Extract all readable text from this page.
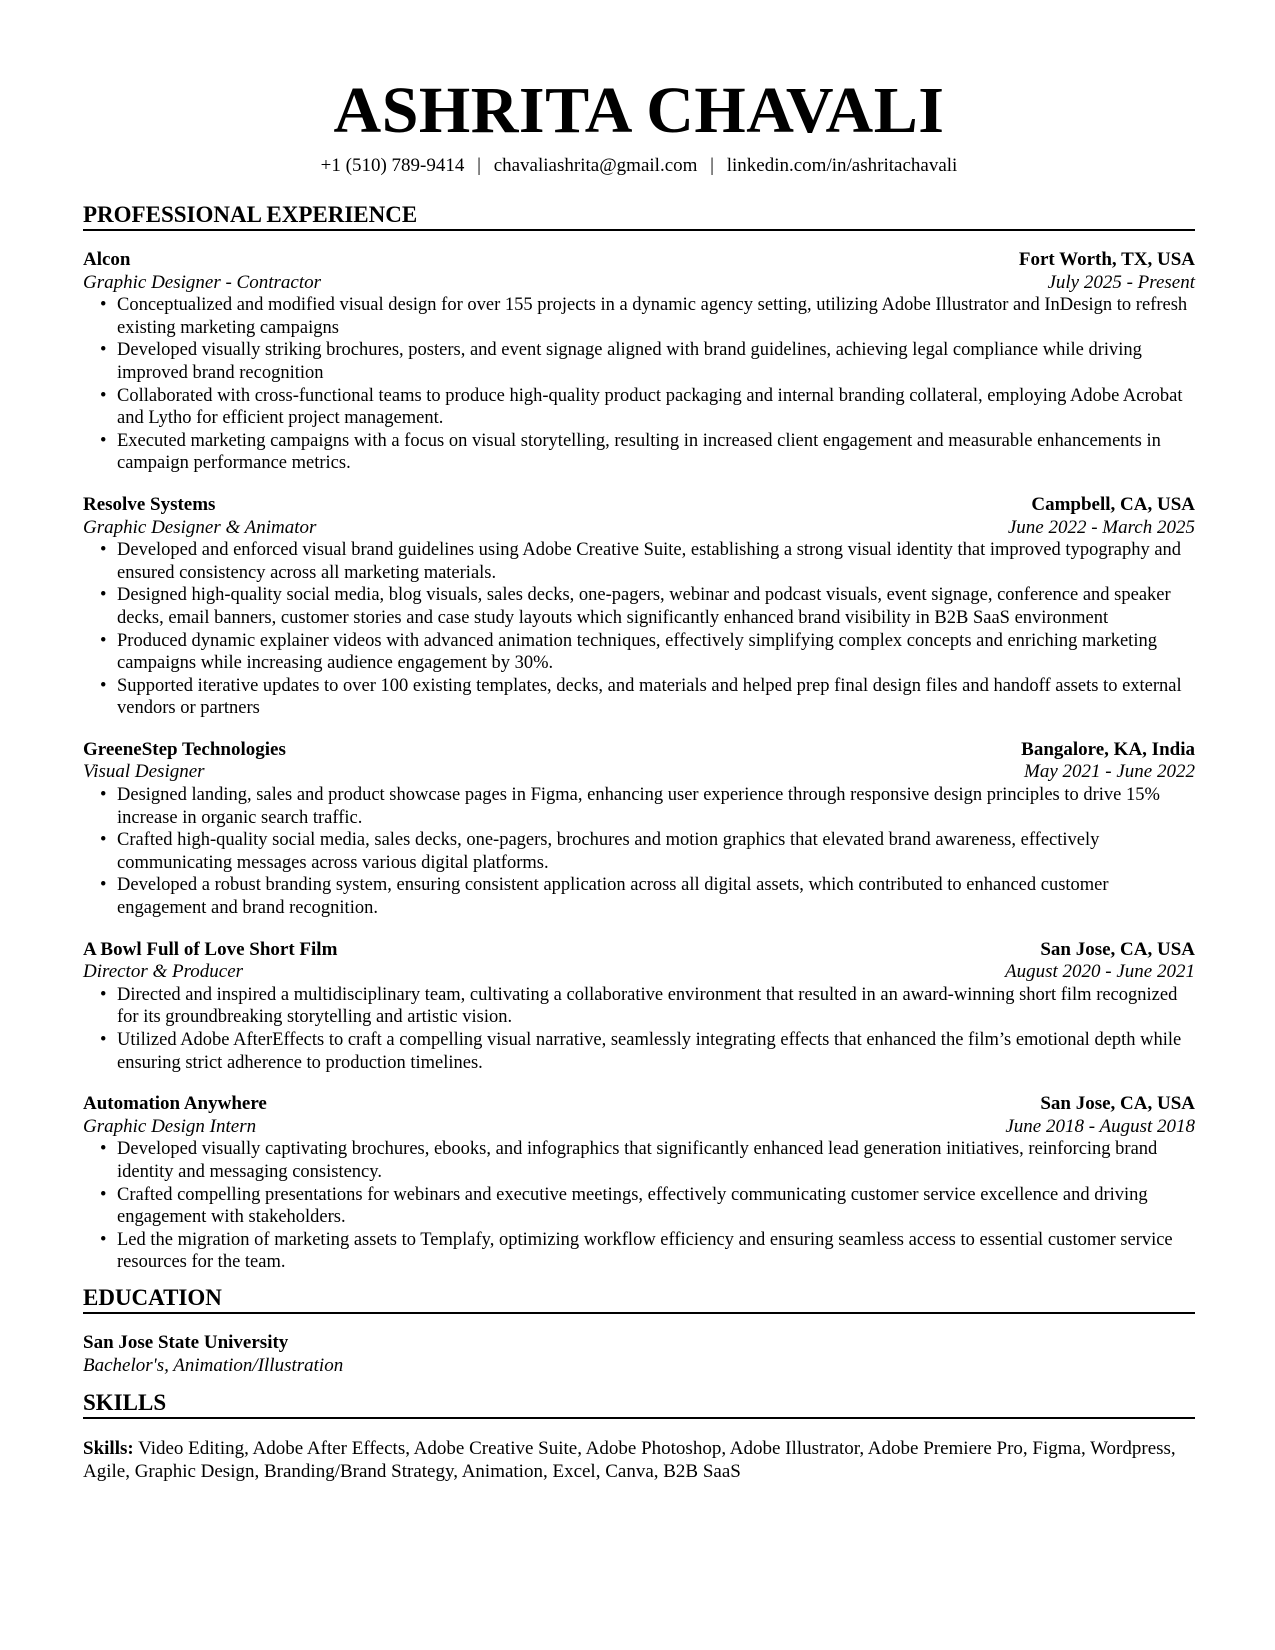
ASHRITA CHAVALI
+1 (510) 789-9414 | chavaliashrita@gmail.com | linkedin.com/in/ashritachavali
PROFESSIONAL EXPERIENCE
Alcon	Fort Worth, TX, USA
Graphic Designer - Contractor	July 2025 - Present
• Conceptualized and modified visual design for over 155 projects in a dynamic agency setting, utilizing Adobe Illustrator and InDesign to refresh existing marketing campaigns
• Developed visually striking brochures, posters, and event signage aligned with brand guidelines, achieving legal compliance while driving improved brand recognition
• Collaborated with cross-functional teams to produce high-quality product packaging and internal branding collateral, employing Adobe Acrobat and Lytho for efficient project management.
• Executed marketing campaigns with a focus on visual storytelling, resulting in increased client engagement and measurable enhancements in campaign performance metrics.
Resolve Systems	Campbell, CA, USA
Graphic Designer & Animator	June 2022 - March 2025
• Developed and enforced visual brand guidelines using Adobe Creative Suite, establishing a strong visual identity that improved typography and ensured consistency across all marketing materials.
• Designed high-quality social media, blog visuals, sales decks, one-pagers, webinar and podcast visuals, event signage, conference and speaker decks, email banners, customer stories and case study layouts which significantly enhanced brand visibility in B2B SaaS environment
• Produced dynamic explainer videos with advanced animation techniques, effectively simplifying complex concepts and enriching marketing campaigns while increasing audience engagement by 30%.
• Supported iterative updates to over 100 existing templates, decks, and materials and helped prep final design files and handoff assets to external vendors or partners
GreeneStep Technologies	Bangalore, KA, India
Visual Designer	May 2021 - June 2022
• Designed landing, sales and product showcase pages in Figma, enhancing user experience through responsive design principles to drive 15% increase in organic search traffic.
• Crafted high-quality social media, sales decks, one-pagers, brochures and motion graphics that elevated brand awareness, effectively communicating messages across various digital platforms.
• Developed a robust branding system, ensuring consistent application across all digital assets, which contributed to enhanced customer engagement and brand recognition.
A Bowl Full of Love Short Film	San Jose, CA, USA
Director & Producer	August 2020 - June 2021
• Directed and inspired a multidisciplinary team, cultivating a collaborative environment that resulted in an award-winning short film recognized for its groundbreaking storytelling and artistic vision.
• Utilized Adobe AfterEffects to craft a compelling visual narrative, seamlessly integrating effects that enhanced the film’s emotional depth while ensuring strict adherence to production timelines.
Automation Anywhere	San Jose, CA, USA
Graphic Design Intern	June 2018 - August 2018
• Developed visually captivating brochures, ebooks, and infographics that significantly enhanced lead generation initiatives, reinforcing brand identity and messaging consistency.
• Crafted compelling presentations for webinars and executive meetings, effectively communicating customer service excellence and driving engagement with stakeholders.
• Led the migration of marketing assets to Templafy, optimizing workflow efficiency and ensuring seamless access to essential customer service resources for the team.
EDUCATION
San Jose State University
Bachelor's, Animation/Illustration
SKILLS
Skills: Video Editing, Adobe After Effects, Adobe Creative Suite, Adobe Photoshop, Adobe Illustrator, Adobe Premiere Pro, Figma, Wordpress, Agile, Graphic Design, Branding/Brand Strategy, Animation, Excel, Canva, B2B SaaS
